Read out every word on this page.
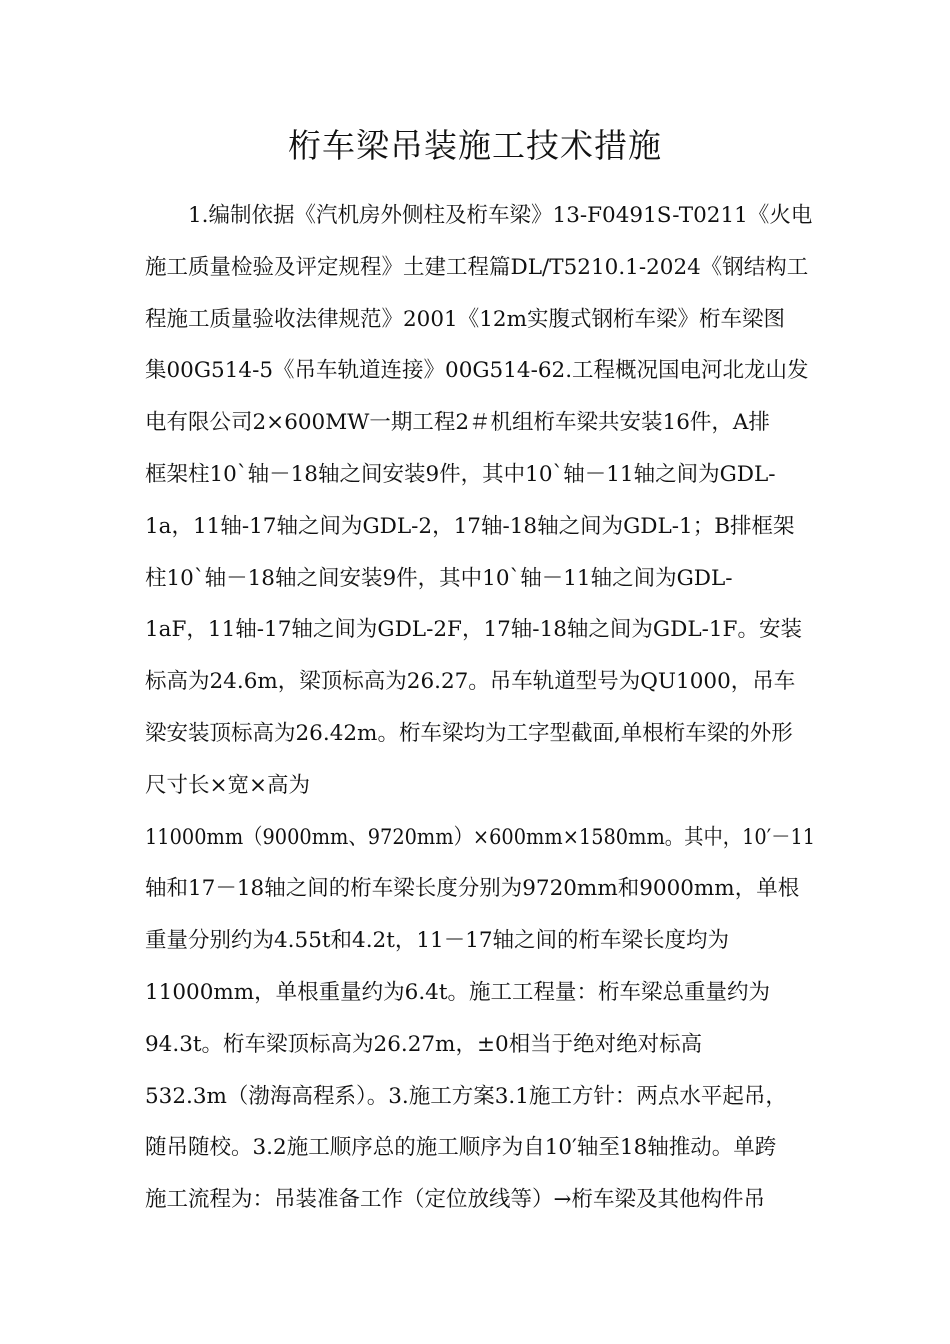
桁车梁吊装施工技术措施
　　1.编制依据《汽机房外侧柱及桁车梁》13-F0491S-T0211《火电
施工质量检验及评定规程》土建工程篇DL/T5210.1-2024《钢结构工
程施工质量验收法律规范》2001《12m实腹式钢桁车梁》桁车梁图
集00G514-5《吊车轨道连接》00G514-62.工程概况国电河北龙山发
电有限公司2×600MW一期工程2＃机组桁车梁共安装16件，A排
框架柱10`轴－18轴之间安装9件，其中10`轴－11轴之间为GDL-
1a，11轴-17轴之间为GDL-2，17轴-18轴之间为GDL-1；B排框架
柱10`轴－18轴之间安装9件，其中10`轴－11轴之间为GDL-
1aF，11轴-17轴之间为GDL-2F，17轴-18轴之间为GDL-1F。安装
标高为24.6m，梁顶标高为26.27。吊车轨道型号为QU1000，吊车
梁安装顶标高为26.42m。桁车梁均为工字型截面,单根桁车梁的外形
尺寸长×宽×高为
11000mm（9000mm、9720mm）×600mm×1580mm。其中，10′－11
轴和17－18轴之间的桁车梁长度分别为9720mm和9000mm，单根
重量分别约为4.55t和4.2t，11－17轴之间的桁车梁长度均为
11000mm，单根重量约为6.4t。施工工程量：桁车梁总重量约为
94.3t。桁车梁顶标高为26.27m，±0相当于绝对绝对标高
532.3m（渤海高程系）。3.施工方案3.1施工方针：两点水平起吊，
随吊随校。3.2施工顺序总的施工顺序为自10′轴至18轴推动。单跨
施工流程为：吊装准备工作（定位放线等）→桁车梁及其他构件吊
